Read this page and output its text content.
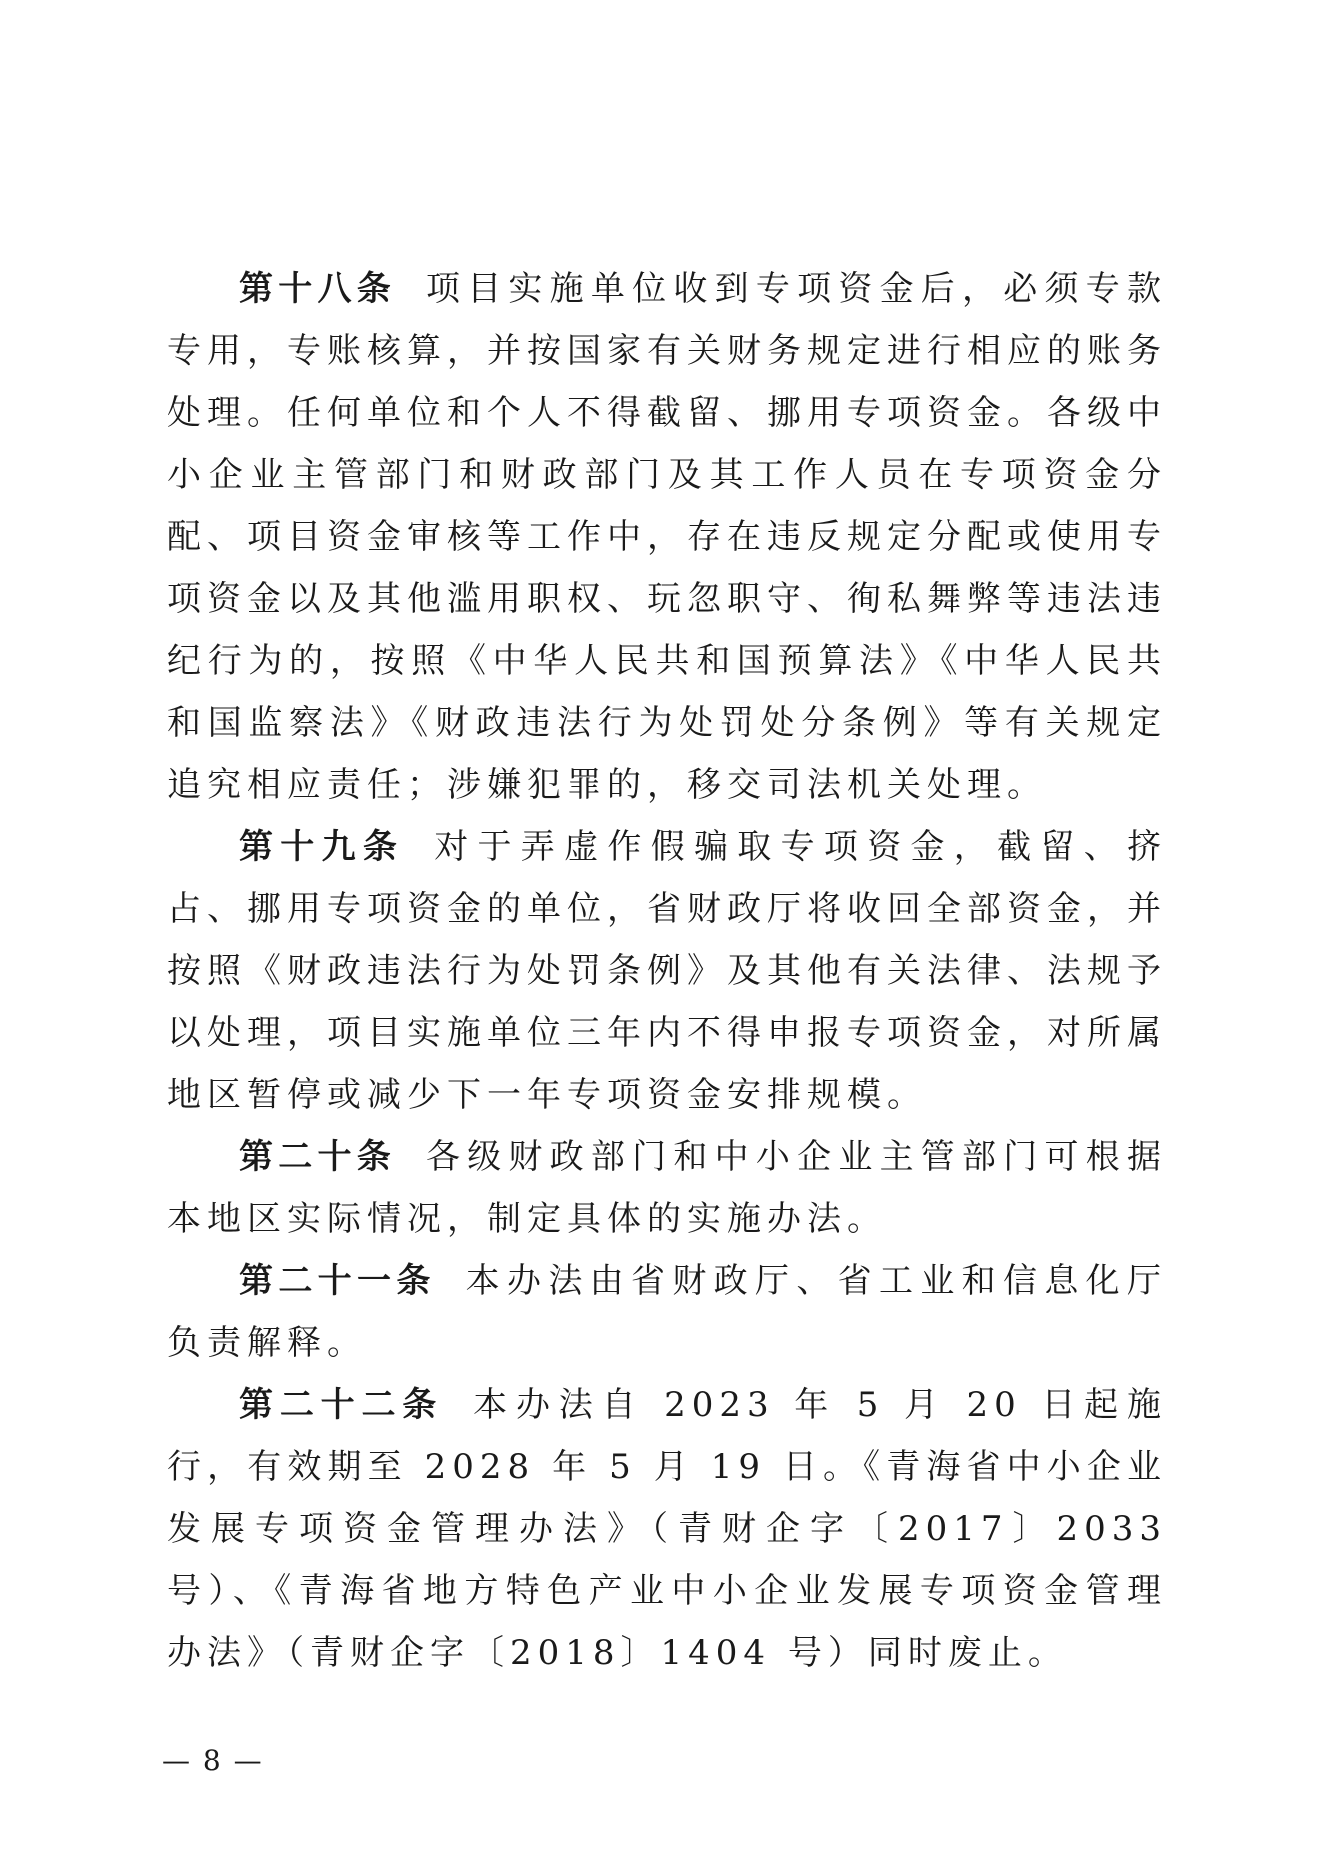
第十八条 项目实施单位收到专项资金后，必须专款专用，专账核算，并按国家有关财务规定进行相应的账务处理。任何单位和个人不得截留、挪用专项资金。各级中小企业主管部门和财政部门及其工作人员在专项资金分配、项目资金审核等工作中，存在违反规定分配或使用专项资金以及其他滥用职权、玩忽职守、徇私舞弊等违法违纪行为的，按照《中华人民共和国预算法》《中华人民共和国监察法》《财政违法行为处罚处分条例》等有关规定追究相应责任；涉嫌犯罪的，移交司法机关处理。

第十九条 对于弄虚作假骗取专项资金，截留、挤占、挪用专项资金的单位，省财政厅将收回全部资金，并按照《财政违法行为处罚条例》及其他有关法律、法规予以处理，项目实施单位三年内不得申报专项资金，对所属地区暂停或减少下一年专项资金安排规模。

第二十条 各级财政部门和中小企业主管部门可根据本地区实际情况，制定具体的实施办法。

第二十一条 本办法由省财政厅、省工业和信息化厅负责解释。

第二十二条 本办法自 2023 年 5 月 20 日起施行，有效期至 2028 年 5 月 19 日。《青海省中小企业发展专项资金管理办法》（青财企字〔2017〕2033 号）、《青海省地方特色产业中小企业发展专项资金管理办法》（青财企字〔2018〕1404 号）同时废止。

— 8 —
